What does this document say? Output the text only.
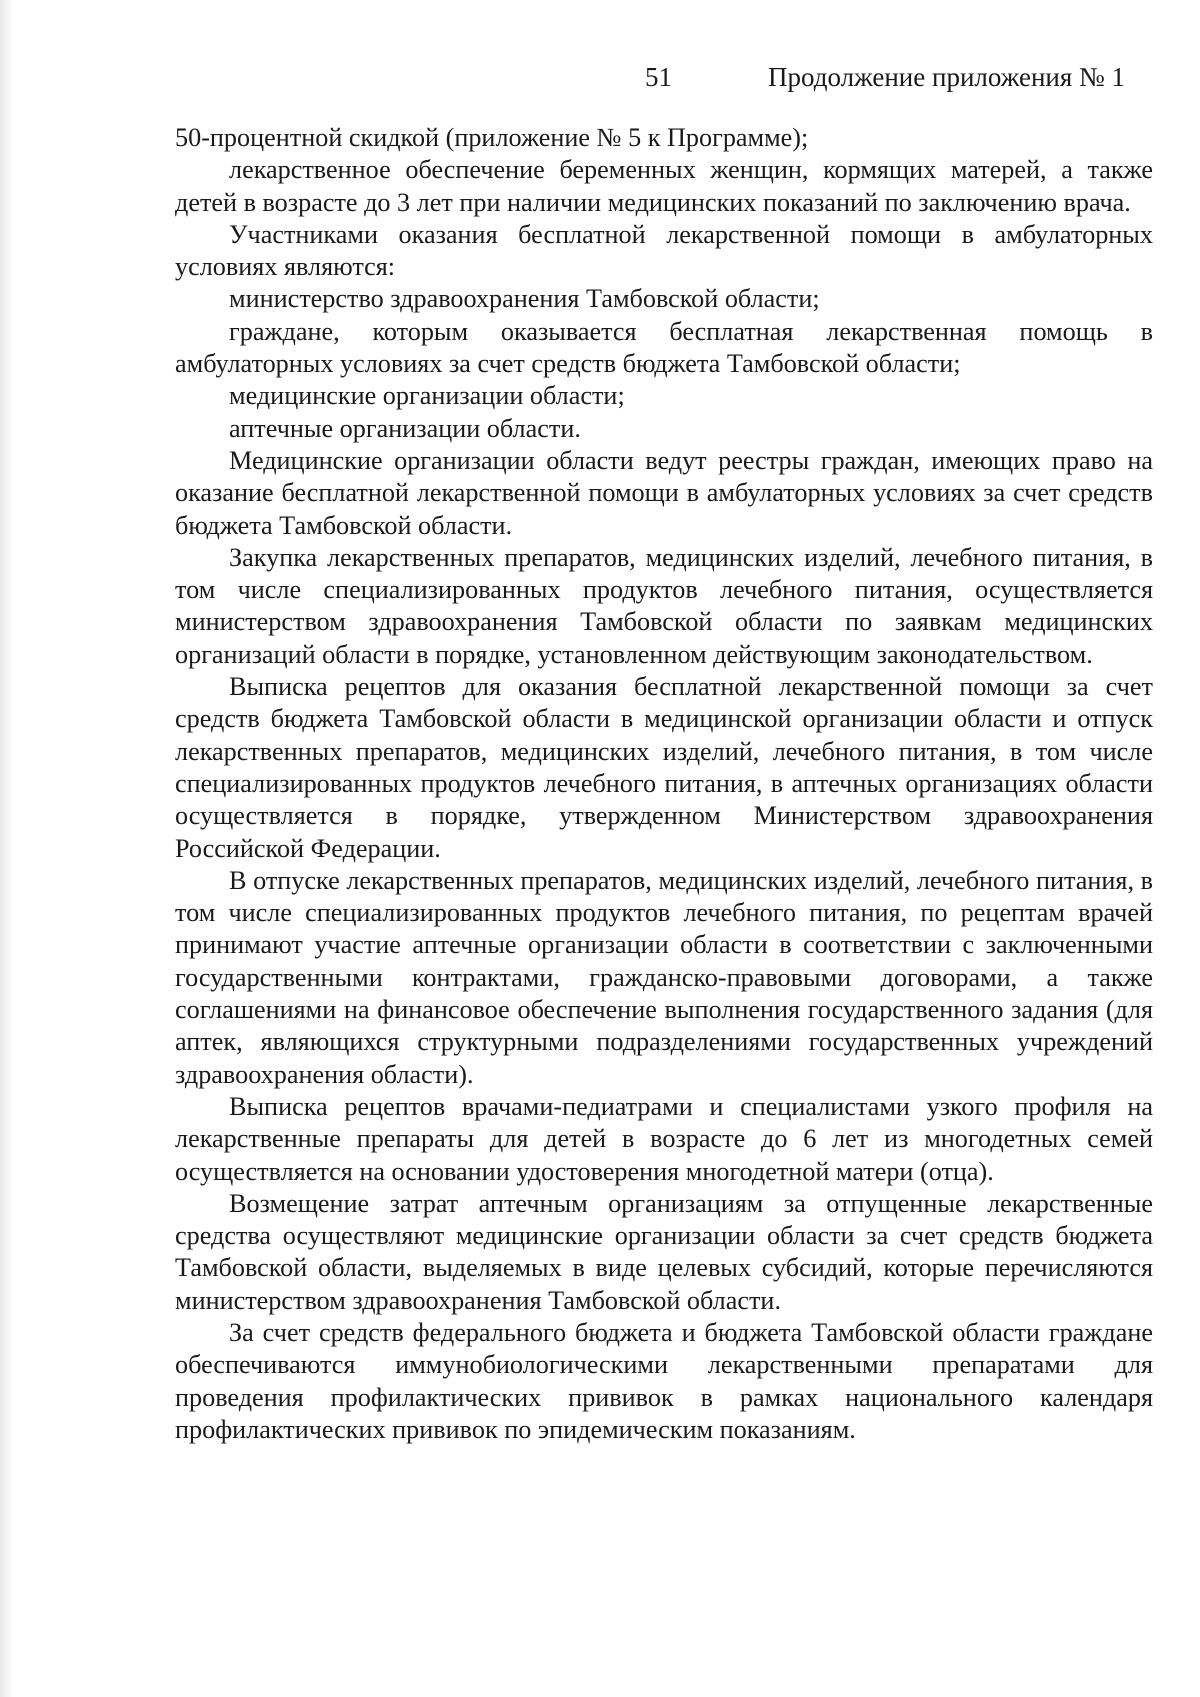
51	Продолжение приложения № 1

50-процентной скидкой (приложение № 5 к Программе);

лекарственное обеспечение беременных женщин, кормящих матерей, а также детей в возрасте до 3 лет при наличии медицинских показаний по заключению врача.

Участниками оказания бесплатной лекарственной помощи в амбулаторных условиях являются:

министерство здравоохранения Тамбовской области;

граждане, которым оказывается бесплатная лекарственная помощь в амбулаторных условиях за счет средств бюджета Тамбовской области;

медицинские организации области;

аптечные организации области.

Медицинские организации области ведут реестры граждан, имеющих право на оказание бесплатной лекарственной помощи в амбулаторных условиях за счет средств бюджета Тамбовской области.

Закупка лекарственных препаратов, медицинских изделий, лечебного питания, в том числе специализированных продуктов лечебного питания, осуществляется министерством здравоохранения Тамбовской области по заявкам медицинских организаций области в порядке, установленном действующим законодательством.

Выписка рецептов для оказания бесплатной лекарственной помощи за счет средств бюджета Тамбовской области в медицинской организации области и отпуск лекарственных препаратов, медицинских изделий, лечебного питания, в том числе специализированных продуктов лечебного питания, в аптечных организациях области осуществляется в порядке, утвержденном Министерством здравоохранения Российской Федерации.

В отпуске лекарственных препаратов, медицинских изделий, лечебного питания, в том числе специализированных продуктов лечебного питания, по рецептам врачей принимают участие аптечные организации области в соответствии с заключенными государственными контрактами, гражданско-правовыми договорами, а также соглашениями на финансовое обеспечение выполнения государственного задания (для аптек, являющихся структурными подразделениями государственных учреждений здравоохранения области).

Выписка рецептов врачами-педиатрами и специалистами узкого профиля на лекарственные препараты для детей в возрасте до 6 лет из многодетных семей осуществляется на основании удостоверения многодетной матери (отца).

Возмещение затрат аптечным организациям за отпущенные лекарственные средства осуществляют медицинские организации области за счет средств бюджета Тамбовской области, выделяемых в виде целевых субсидий, которые перечисляются министерством здравоохранения Тамбовской области.

За счет средств федерального бюджета и бюджета Тамбовской области граждане обеспечиваются иммунобиологическими лекарственными препаратами для проведения профилактических прививок в рамках национального календаря профилактических прививок по эпидемическим показаниям.
